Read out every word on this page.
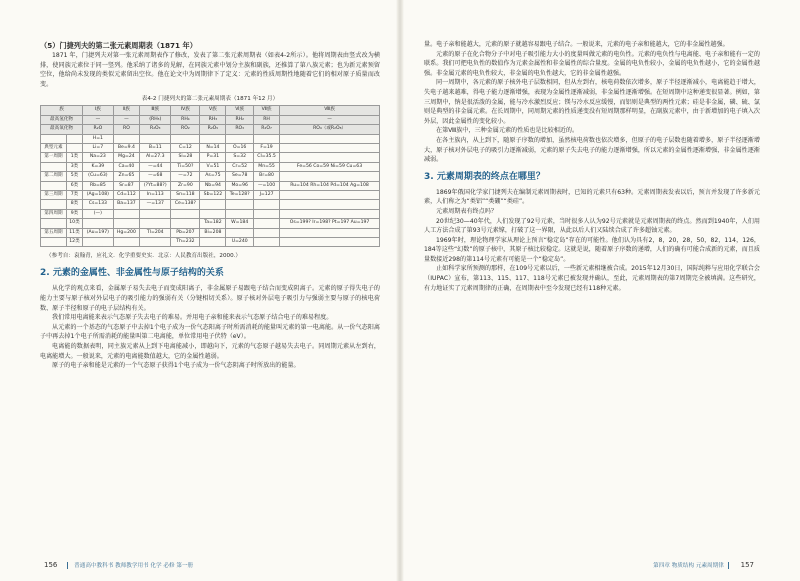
（5）门捷列夫的第二张元素周期表（1871 年）

1871 年，门捷列夫对第一张元素周期表作了修改，发表了第二张元素周期表（如表4-2所示）。他将周期表由竖式改为横排，使同族元素位于同一竖列。他采纳了诸多的见解，在同族元素中划分主族和副族，还推算了第八族元素；也为新元素预留空位，他给尚未发现的类似元素留出空位。他在论文中为周期律下了定义：元素的性质周期性地随着它们的相对原子质量而改变。

表4-2 门捷列夫的第二张元素周期表（1871 年12 月）

族		Ⅰ族	Ⅱ族	Ⅲ族	Ⅳ族	Ⅴ族	Ⅵ族	Ⅶ族	Ⅷ族
最高氢化物		—	—	(RH₅)	RH₄	RH₃	RH₂	RH	—
最高氧化物		R₂O	RO	R₂O₃	RO₂	R₂O₅	RO₃	R₂O₇	RO₄（或R₂O₈）
		H=1							
典型元素		Li=7	Be=9.4	B=11	C=12	N=14	O=16	F=19	
第一周期	1类	Na=23	Mg=24	Al=27.3	Si=28	P=31	S=32	Cl=35.5	
	3类	K=39	Ca=40	—=44	Ti=50?	V=51	Cr=52	Mn=55	Fe=56 Co=59 Ni=59 Cu=63
第二周期	5类	(Cu=63)	Zn=65	—=68	—=72	As=75	Se=78	Br=80	
	6类	Rb=85	Sr=87	(?Yt=88?)	Zr=90	Nb=94	Mo=96	—=100	Ru=104 Rh=104 Pd=104 Ag=108
第三周期	7类	(Ag=108)	Cd=112	In=113	Sn=118	Sb=122	Te=128?	J=127	
	8类	Cs=133	Ba=137	—=137	Ce=138?				
第四周期	9类	(—)							
	10类					Ta=182	W=184		Os=199? Ir=198? Pt=197 Au=197
第五周期	11类	(Au=197)	Hg=200	Tl=204	Pb=207	Bi=208			
	12类				Th=232		U=240		

（参考自：袁翰青，应礼文．化学重要史实．北京：人民教育出版社，2000.）

2. 元素的金属性、非金属性与原子结构的关系

从化学的观点来看，金属原子易失去电子而变成阳离子，非金属原子易跟电子结合而变成阴离子。元素的原子得失电子的能力主要与原子核对外层电子的吸引能力的强弱有关（分键相切关系）。原子核对外层电子吸引力与强弱主要与原子的核电荷数、原子半径和原子的电子层结构有关。

我们常用电离能来表示气态原子失去电子的难易。并用电子亲和能来表示气态原子结合电子的难易程度。

从元素的一个基态的气态原子中去掉1个电子成为一价气态阳离子时所需消耗的能量叫元素的第一电离能。从一价气态阳离子中再去掉1个电子所需消耗的能量叫第二电离能，单位常用电子伏特（eV）。

电离能的数据表明，同主族元素从上到下电离能减小，即越向下，元素的气态原子越易失去电子。同周期元素从左到右，电离能增大。一般说来，元素的电离能数值越大，它的金属性越弱。

原子的电子亲和能是元素的一个气态原子获得1个电子成为一价气态阴离子时所放出的能量。

156	普通高中教科书 教师教学用书 化学 必修 第一册

量。电子亲和能越大，元素的原子就越容易跟电子结合。一般说来，元素的电子亲和能越大，它的非金属性越强。

元素的原子在化合物分子中对电子吸引能力大小的度量叫做元素的电负性。元素的电负性与电离能、电子亲和能有一定的联系。我们可把电负性的数值作为元素金属性和非金属性的综合量度。金属的电负性较小，金属的电负性越小，它的金属性越强。非金属元素的电负性较大，非金属的电负性越大，它的非金属性越强。

同一周期中，各元素的原子核外电子层数相同，但从左到右，核电荷数依次增多，原子半径逐渐减小，电离能趋于增大，失电子越来越难，得电子能力逐渐增强，表现为金属性逐渐减弱，非金属性逐渐增强。在短周期中这种递变很显著。例如，第三周期中，钠是很活泼的金属，能与冷水激烈反应；镁与冷水反应缓慢，而铝则是典型的两性元素；硅是非金属，磷、硫、氯则是典型的非金属元素。在长周期中，同周期元素的性质递变没有短周期那样明显，在副族元素中，由于新增加的电子填入次外层，因此金属性的变化较小。

在第Ⅷ族中，三种金属元素的性质也是比较相近的。

在各主族内，从上到下，随原子序数的增加，虽然核电荷数也依次增多，但原子的电子层数也随着增多，原子半径逐渐增大，原子核对外层电子的吸引力逐渐减弱，元素的原子失去电子的能力逐渐增强，所以元素的金属性逐渐增强，非金属性逐渐减弱。

3. 元素周期表的终点在哪里？

1869年俄国化学家门捷列夫在编制元素周期表时，已知的元素只有63种。元素周期表发表以后，预言并发现了许多新元素，人们称之为“类铝”“类硼”“类硅”。

元素周期表有终点吗？

20世纪30—40年代，人们发现了92号元素，当时很多人认为92号元素就是元素周期表的终点。然而到1940年，人们用人工方法合成了第93号元素镎，打破了这一界限，从此以后人们又陆续合成了许多超铀元素。

1969年时，理论物理学家从理论上预言“稳定岛”存在的可能性。他们认为具有2，8，20，28，50，82，114，126，184等这些“幻数”的原子核中，其原子核比较稳定。这就是说，随着原子序数的递增，人们的确有可能合成新的元素，而且质量数接近298的第114号元素有可能是一个“稳定岛”。

止如科学家所预测的那样，在109号元素以后，一些新元素相继被合成。2015年12月30日，国际纯粹与应用化学联合会（IUPAC）宣布，第113、115、117、118号元素已被发现并确认，至此，元素周期表的第7周期完全被填满。这些研究，有力地证实了元素周期律的正确，在周期表中至今发现已经有118种元素。

第四章 物质结构 元素周期律 157
